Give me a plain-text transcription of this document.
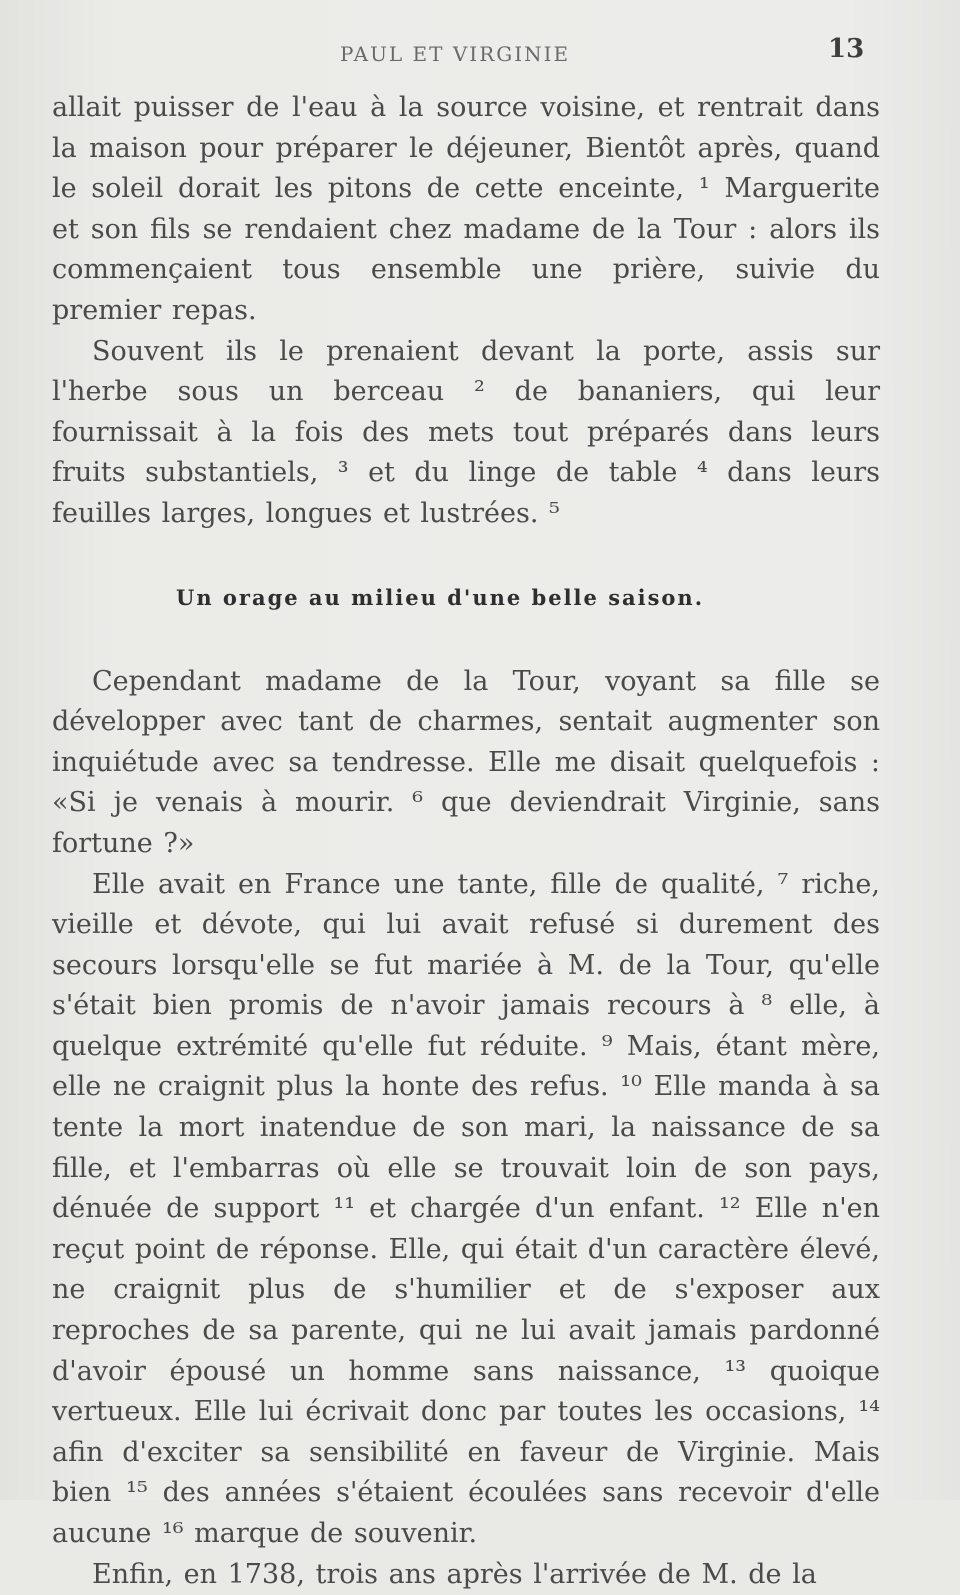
PAUL ET VIRGINIE	13

allait puisser de l'eau à la source voisine, et rentrait dans la maison pour préparer le déjeuner, Bientôt après, quand le soleil dorait les pitons de cette enceinte, ¹ Marguerite et son fils se rendaient chez madame de la Tour : alors ils commençaient tous ensemble une prière, suivie du premier repas.

Souvent ils le prenaient devant la porte, assis sur l'herbe sous un berceau ² de bananiers, qui leur fournissait à la fois des mets tout préparés dans leurs fruits substantiels, ³ et du linge de table ⁴ dans leurs feuilles larges, longues et lustrées. ⁵

Un orage au milieu d'une belle saison.

Cependant madame de la Tour, voyant sa fille se développer avec tant de charmes, sentait augmenter son inquiétude avec sa tendresse. Elle me disait quelquefois : «Si je venais à mourir. ⁶ que deviendrait Virginie, sans fortune ?»

Elle avait en France une tante, fille de qualité, ⁷ riche, vieille et dévote, qui lui avait refusé si durement des secours lorsqu'elle se fut mariée à M. de la Tour, qu'elle s'était bien promis de n'avoir jamais recours à ⁸ elle, à quelque extrémité qu'elle fut réduite. ⁹ Mais, étant mère, elle ne craignit plus la honte des refus. ¹⁰ Elle manda à sa tente la mort inatendue de son mari, la naissance de sa fille, et l'embarras où elle se trouvait loin de son pays, dénuée de support ¹¹ et chargée d'un enfant. ¹² Elle n'en reçut point de réponse. Elle, qui était d'un caractère élevé, ne craignit plus de s'humilier et de s'exposer aux reproches de sa parente, qui ne lui avait jamais pardonné d'avoir épousé un homme sans naissance, ¹³ quoique vertueux. Elle lui écrivait donc par toutes les occasions, ¹⁴ afin d'exciter sa sensibilité en faveur de Virginie. Mais bien ¹⁵ des années s'étaient écoulées sans recevoir d'elle aucune ¹⁶ marque de souvenir.

Enfin, en 1738, trois ans après l'arrivée de M. de la
